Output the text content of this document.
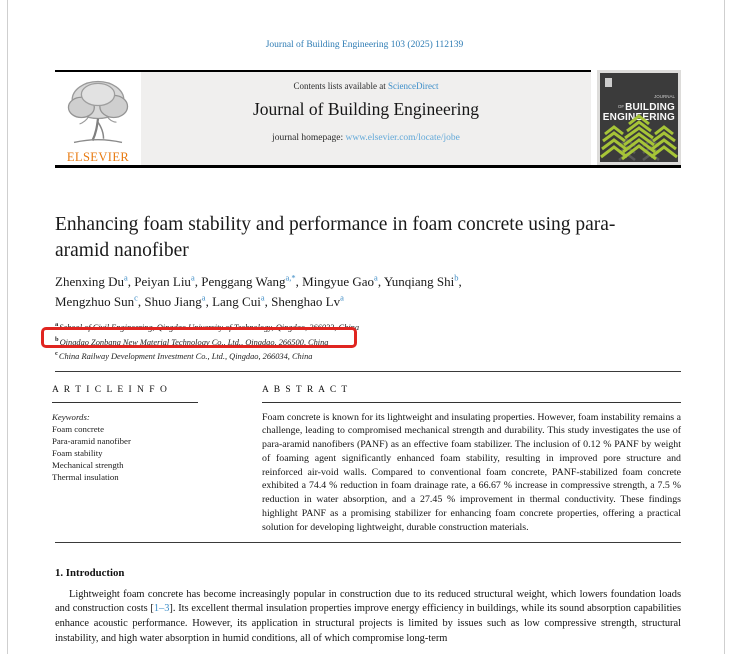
Journal of Building Engineering 103 (2025) 112139
ELSEVIER
Contents lists available at ScienceDirect
Journal of Building Engineering
journal homepage: www.elsevier.com/locate/jobe
$^{JOURNAL OF}$BUILDING
ENGINEERING
Enhancing foam stability and performance in foam concrete using para-aramid nanofiber
Zhenxing Du$^a$, Peiyan Liu$^a$, Penggang Wang$^{a,*}$, Mingyue Gao$^a$, Yunqiang Shi$^b$,
Mengzhuo Sun$^c$, Shuo Jiang$^a$, Lang Cui$^a$, Shenghao Lv$^a$
$^a$School of Civil Engineering, Qingdao University of Technology, Qingdao, 266033, China
$^b$Qingdao Zonbang New Material Technology Co., Ltd., Qingdao, 266500, China
$^c$China Railway Development Investment Co., Ltd., Qingdao, 266034, China
A R T I C L E I N F O
Keywords:
Foam concrete
Para-aramid nanofiber
Foam stability
Mechanical strength
Thermal insulation
A B S T R A C T
Foam concrete is known for its lightweight and insulating properties. However, foam instability remains a challenge, leading to compromised mechanical strength and durability. This study investigates the use of para-aramid nanofibers (PANF) as an effective foam stabilizer. The inclusion of 0.12 % PANF by weight of foaming agent significantly enhanced foam stability, resulting in improved pore structure and reinforced air-void walls. Compared to conventional foam concrete, PANF-stabilized foam concrete exhibited a 74.4 % reduction in foam drainage rate, a 66.67 % increase in compressive strength, a 7.5 % reduction in water absorption, and a 27.45 % improvement in thermal conductivity. These findings highlight PANF as a promising stabilizer for enhancing foam concrete properties, offering a practical solution for developing lightweight, durable construction materials.
1. Introduction
Lightweight foam concrete has become increasingly popular in construction due to its reduced structural weight, which lowers foundation loads and construction costs [1–3]. Its excellent thermal insulation properties improve energy efficiency in buildings, while its sound absorption capabilities enhance acoustic performance. However, its application in structural projects is limited by issues such as low compressive strength, structural instability, and high water absorption in humid conditions, all of which compromise long-term
